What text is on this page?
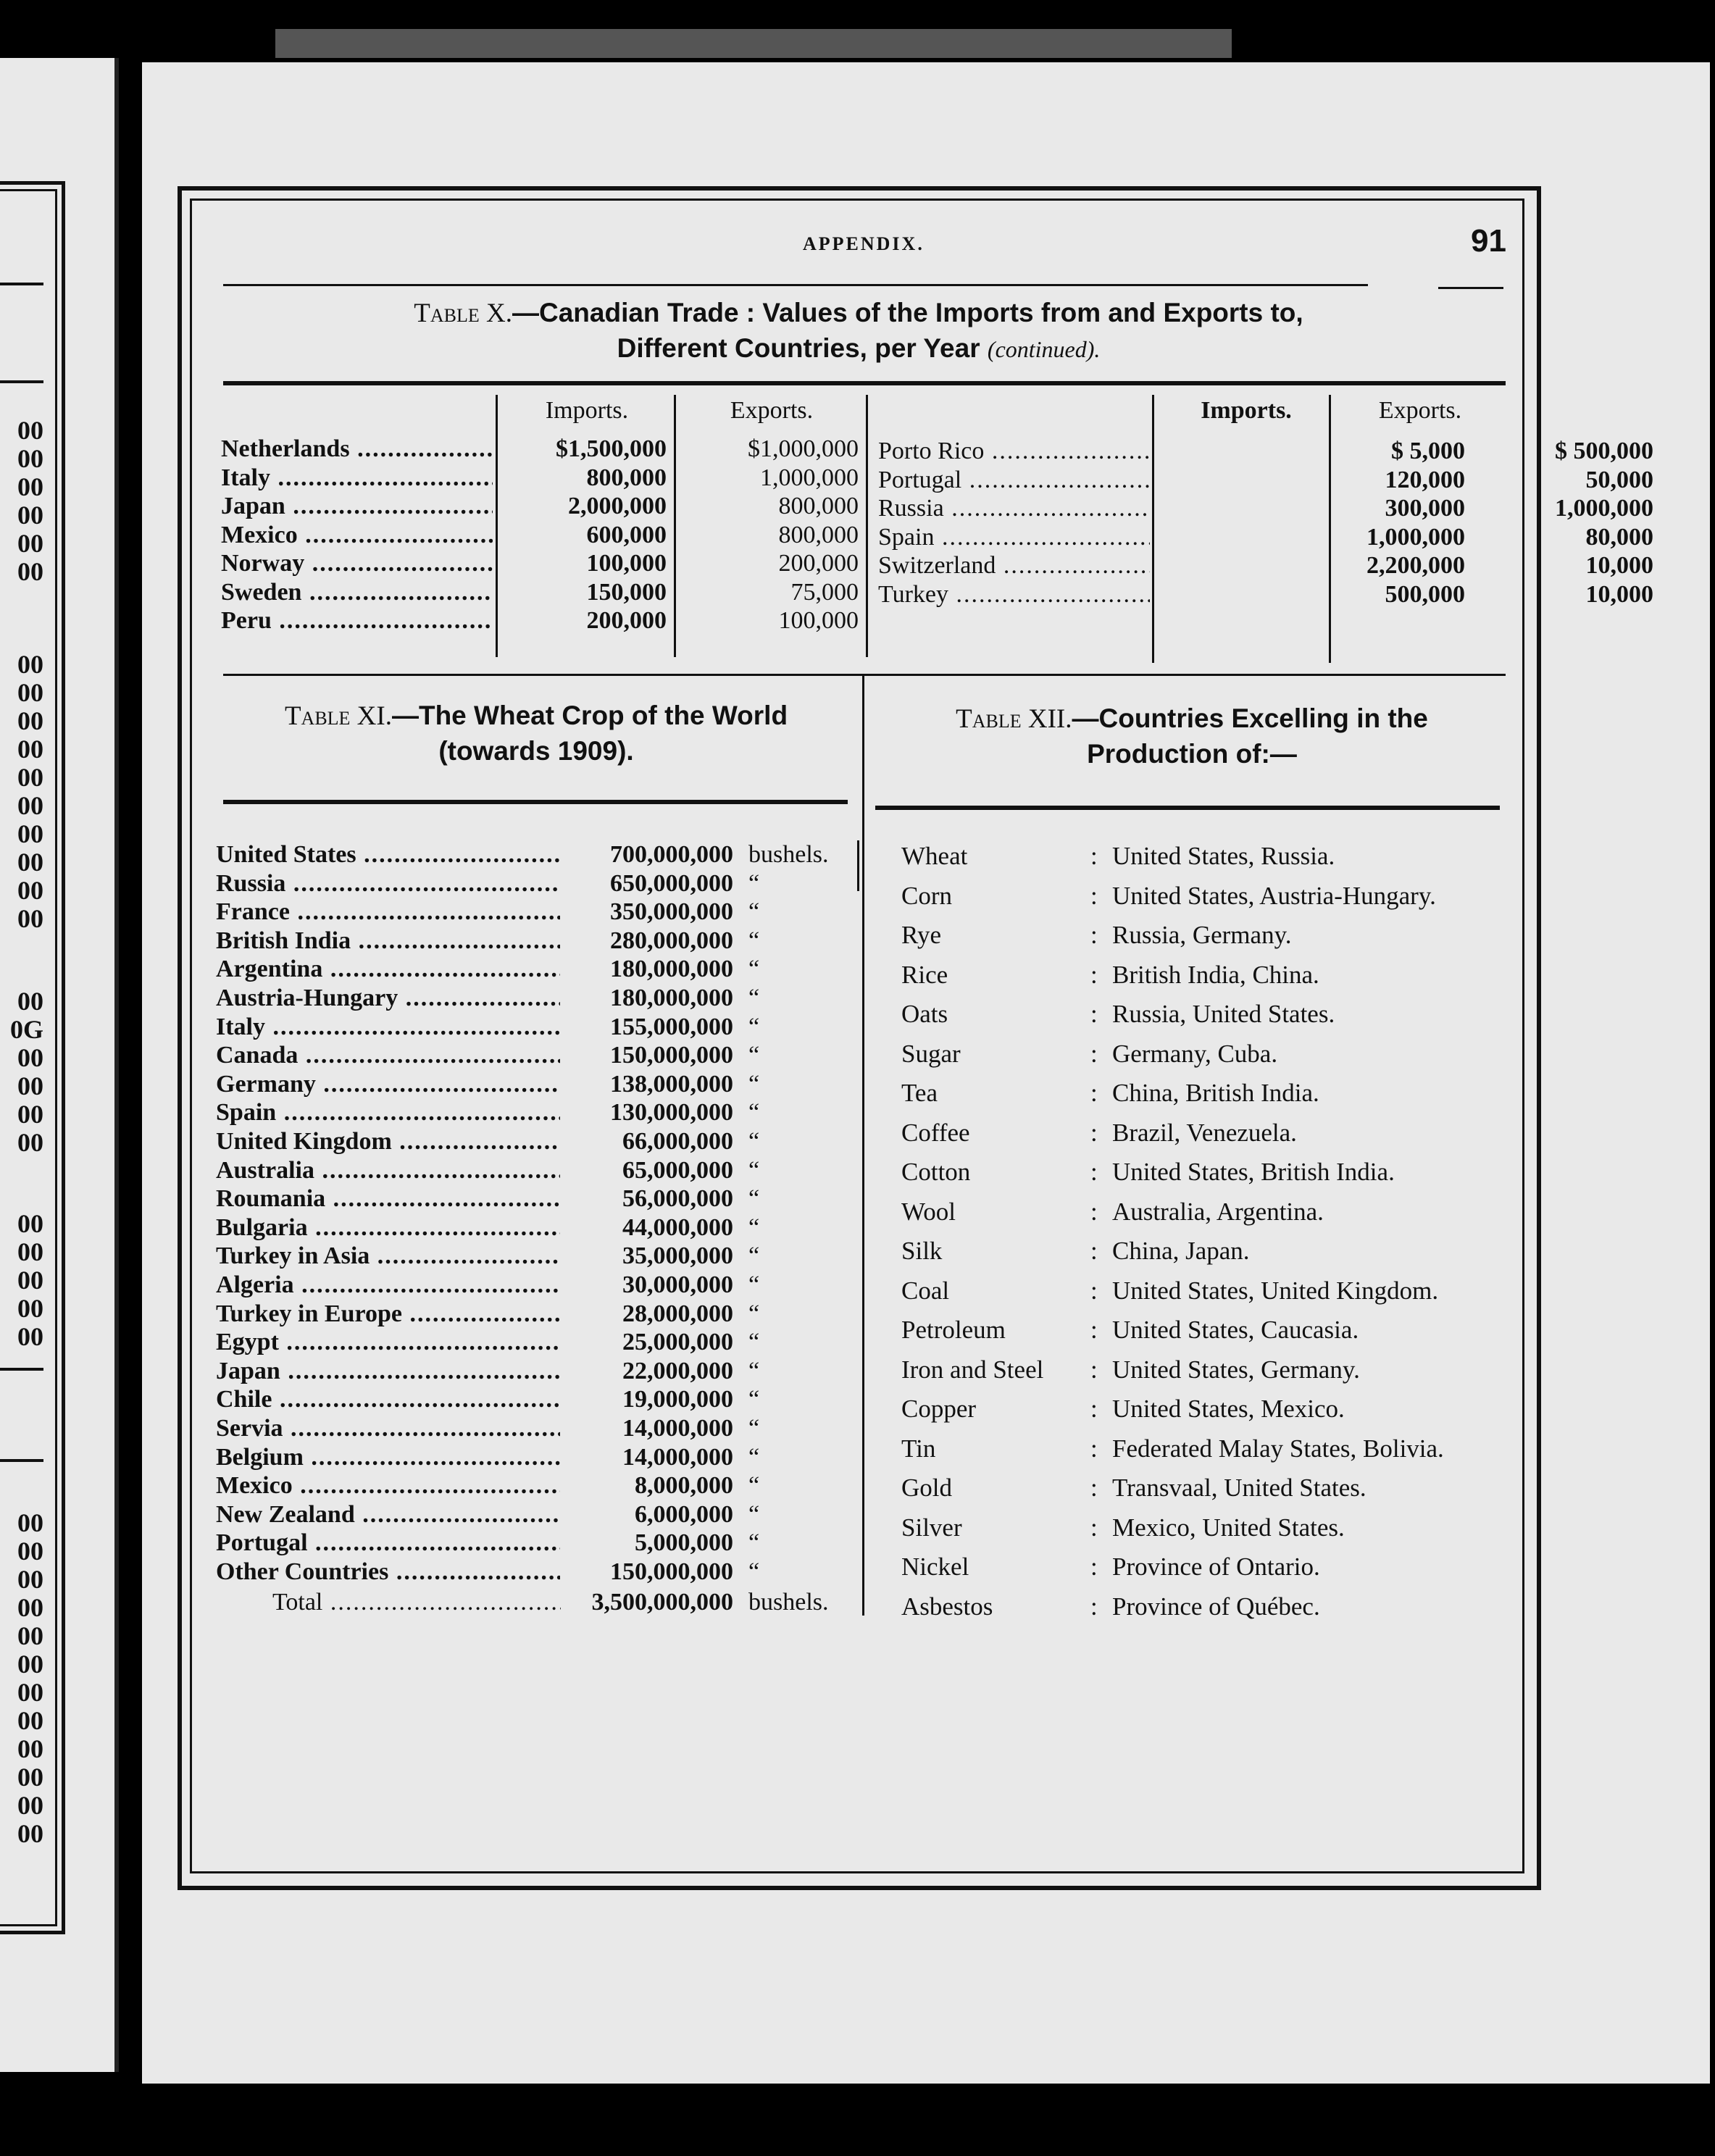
00
00
00
00
00
00
00
00
00
00
00
00
00
00
00
00
00
0G
00
00
00
00
00
00
00
00
00
00
00
00
00
00
00
00
00
00
00
00
00
APPENDIX.	91
Table X.—Canadian Trade : Values of the Imports from and Exports to,
Different Countries, per Year (continued).
Imports.	Exports.	Imports.	Exports.
Netherlands .....	$1,500,000	$1,000,000
Italy .....	800,000	1,000,000
Japan .....	2,000,000	800,000
Mexico .....	600,000	800,000
Norway .....	100,000	200,000
Sweden .....	150,000	75,000
Peru .....	200,000	100,000
Porto Rico .....	$ 5,000	$ 500,000
Portugal .....	120,000	50,000
Russia .....	300,000	1,000,000
Spain .....	1,000,000	80,000
Switzerland .....	2,200,000	10,000
Turkey .....	500,000	10,000
Table XI.—The Wheat Crop of the World
(towards 1909).
United States .....	700,000,000 bushels.
Russia .....	650,000,000 “
France .....	350,000,000 “
British India .....	280,000,000 “
Argentina .....	180,000,000 “
Austria-Hungary .....	180,000,000 “
Italy .....	155,000,000 “
Canada .....	150,000,000 “
Germany .....	138,000,000 “
Spain .....	130,000,000 “
United Kingdom .....	66,000,000 “
Australia .....	65,000,000 “
Roumania .....	56,000,000 “
Bulgaria .....	44,000,000 “
Turkey in Asia .....	35,000,000 “
Algeria .....	30,000,000 “
Turkey in Europe .....	28,000,000 “
Egypt .....	25,000,000 “
Japan .....	22,000,000 “
Chile .....	19,000,000 “
Servia .....	14,000,000 “
Belgium .....	14,000,000 “
Mexico .....	8,000,000 “
New Zealand .....	6,000,000 “
Portugal .....	5,000,000 “
Other Countries .....	150,000,000 “
Total .....	3,500,000,000 bushels.
Table XII.—Countries Excelling in the
Production of:—
Wheat	: United States, Russia.
Corn	: United States, Austria-Hungary.
Rye	: Russia, Germany.
Rice	: British India, China.
Oats	: Russia, United States.
Sugar	: Germany, Cuba.
Tea	: China, British India.
Coffee	: Brazil, Venezuela.
Cotton	: United States, British India.
Wool	: Australia, Argentina.
Silk	: China, Japan.
Coal	: United States, United Kingdom.
Petroleum	: United States, Caucasia.
Iron and Steel : United States, Germany.
Copper	: United States, Mexico.
Tin	: Federated Malay States, Bolivia.
Gold	: Transvaal, United States.
Silver	: Mexico, United States.
Nickel	: Province of Ontario.
Asbestos	: Province of Québec.
